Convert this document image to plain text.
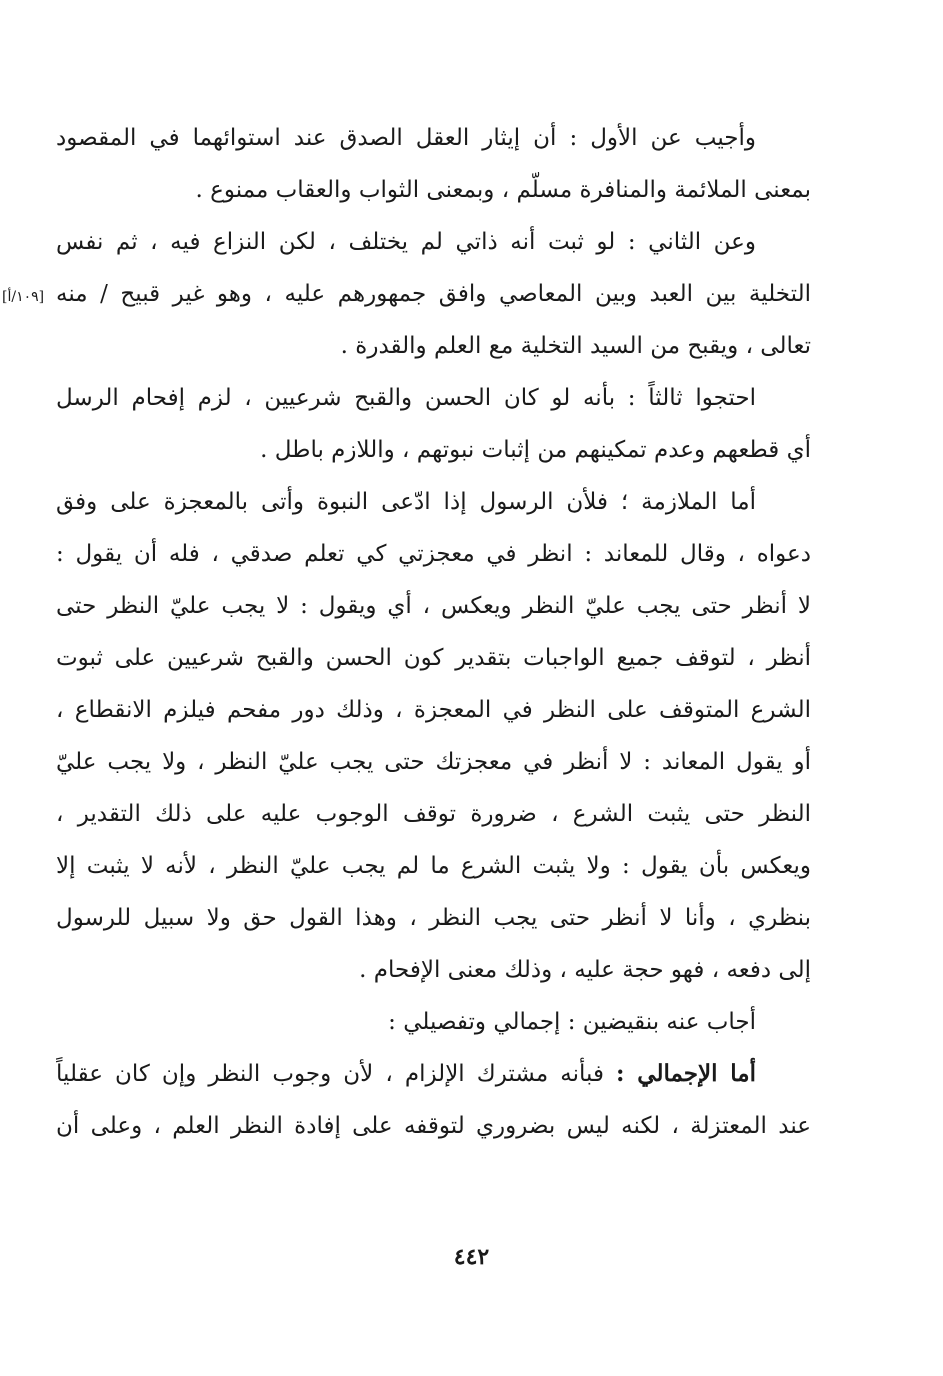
[١٠٩/أ]
وأجيب عن الأول : أن إيثار العقل الصدق عند استوائهما في المقصود
بمعنى الملائمة والمنافرة مسلّم ، وبمعنى الثواب والعقاب ممنوع .
وعن الثاني : لو ثبت أنه ذاتي لم يختلف ، لكن النزاع فيه ، ثم نفس
التخلية بين العبد وبين المعاصي وافق جمهورهم عليه ، وهو غير قبيح / منه
تعالى ، ويقبح من السيد التخلية مع العلم والقدرة .
احتجوا ثالثاً : بأنه لو كان الحسن والقبح شرعيين ، لزم إفحام الرسل
أي قطعهم وعدم تمكينهم من إثبات نبوتهم ، واللازم باطل .
أما الملازمة ؛ فلأن الرسول إذا ادّعى النبوة وأتى بالمعجزة على وفق
دعواه ، وقال للمعاند : انظر في معجزتي كي تعلم صدقي ، فله أن يقول :
لا أنظر حتى يجب عليّ النظر ويعكس ، أي ويقول : لا يجب عليّ النظر حتى
أنظر ، لتوقف جميع الواجبات بتقدير كون الحسن والقبح شرعيين على ثبوت
الشرع المتوقف على النظر في المعجزة ، وذلك دور مفحم فيلزم الانقطاع ،
أو يقول المعاند : لا أنظر في معجزتك حتى يجب عليّ النظر ، ولا يجب عليّ
النظر حتى يثبت الشرع ، ضرورة توقف الوجوب عليه على ذلك التقدير ،
ويعكس بأن يقول : ولا يثبت الشرع ما لم يجب عليّ النظر ، لأنه لا يثبت إلا
بنظري ، وأنا لا أنظر حتى يجب النظر ، وهذا القول حق ولا سبيل للرسول
إلى دفعه ، فهو حجة عليه ، وذلك معنى الإفحام .
أجاب عنه بنقيضين : إجمالي وتفصيلي :
أما الإجمالي : فبأنه مشترك الإلزام ، لأن وجوب النظر وإن كان عقلياً
عند المعتزلة ، لكنه ليس بضروري لتوقفه على إفادة النظر العلم ، وعلى أن
٤٤٢
